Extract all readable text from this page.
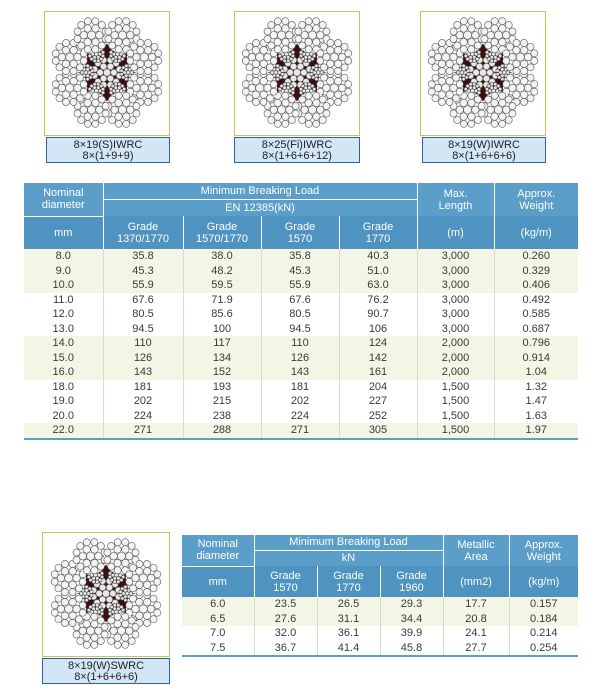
8×19(S)IWRC
8×(1+9+9)
8×25(Fi)IWRC
8×(1+6+6+12)
8×19(W)IWRC
8×(1+6+6+6)
Nominal diameter	Minimum Breaking Load
EN 12385(kN)				Max. Length	Approx. Weight

mm	Grade 1370/1770	Grade 1570/1770	Grade 1570	Grade 1770	(m)	(kg/m)
8.0	35.8	38.0	35.8	40.3	3,000	0.260
9.0	45.3	48.2	45.3	51.0	3,000	0.329
10.0	55.9	59.5	55.9	63.0	3,000	0.406
11.0	67.6	71.9	67.6	76.2	3,000	0.492
12.0	80.5	85.6	80.5	90.7	3,000	0.585
13.0	94.5	100	94.5	106	3,000	0.687
14.0	110	117	110	124	2,000	0.796
15.0	126	134	126	142	2,000	0.914
16.0	143	152	143	161	2,000	1.04
18.0	181	193	181	204	1,500	1.32
19.0	202	215	202	227	1,500	1.47
20.0	224	238	224	252	1,500	1.63
22.0	271	288	271	305	1,500	1.97
8×19(W)SWRC
8×(1+6+6+6)
Nominal diameter	Minimum Breaking Load
kN			Metallic Area	Approx. Weight

mm	Grade 1570	Grade 1770	Grade 1960	(mm2)	(kg/m)
6.0	23.5	26.5	29.3	17.7	0.157
6.5	27.6	31.1	34.4	20.8	0.184
7.0	32.0	36.1	39.9	24.1	0.214
7.5	36.7	41.4	45.8	27.7	0.254
